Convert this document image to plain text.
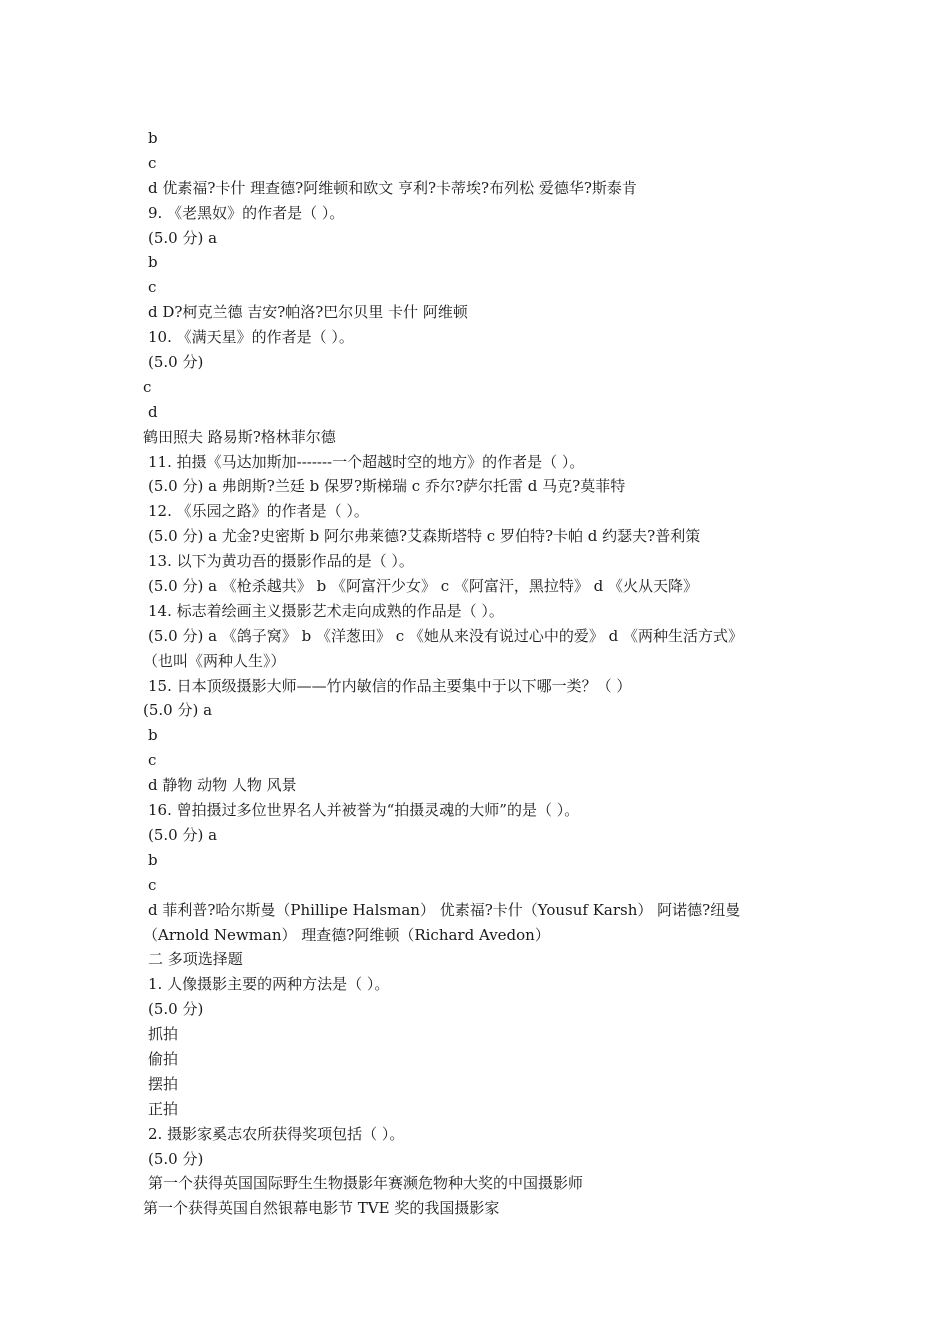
b
c
d 优素福?卡什 理查德?阿维顿和欧文 亨利?卡蒂埃?布列松 爱德华?斯泰肯
9. 《老黑奴》的作者是（ ）。
(5.0 分) a
b
c
d D?柯克兰德 吉安?帕洛?巴尔贝里 卡什 阿维顿
10. 《满天星》的作者是（ ）。
(5.0 分)
c
d
鹤田照夫 路易斯?格林菲尔德
11. 拍摄《马达加斯加-------一个超越时空的地方》的作者是（ ）。
(5.0 分) a 弗朗斯?兰廷 b 保罗?斯梯瑞 c 乔尔?萨尔托雷 d 马克?莫菲特
12. 《乐园之路》的作者是（ ）。
(5.0 分) a 尤金?史密斯 b 阿尔弗莱德?艾森斯塔特 c 罗伯特?卡帕 d 约瑟夫?普利策
13. 以下为黄功吾的摄影作品的是（ ）。
(5.0 分) a 《枪杀越共》 b 《阿富汗少女》 c 《阿富汗，黑拉特》 d 《火从天降》
14. 标志着绘画主义摄影艺术走向成熟的作品是（ ）。
(5.0 分) a 《鸽子窝》 b 《洋葱田》 c 《她从来没有说过心中的爱》 d 《两种生活方式》
（也叫《两种人生》）
15. 日本顶级摄影大师——竹内敏信的作品主要集中于以下哪一类？（ ）
(5.0 分) a
b
c
d 静物 动物 人物 风景
16. 曾拍摄过多位世界名人并被誉为“拍摄灵魂的大师”的是（ ）。
(5.0 分) a
b
c
d 菲利普?哈尔斯曼（Phillipe Halsman） 优素福?卡什（Yousuf Karsh） 阿诺德?纽曼
（Arnold Newman） 理查德?阿维顿（Richard Avedon）
二 多项选择题
1. 人像摄影主要的两种方法是（ ）。
(5.0 分)
抓拍
偷拍
摆拍
正拍
2. 摄影家奚志农所获得奖项包括（ ）。
(5.0 分)
第一个获得英国国际野生生物摄影年赛濒危物种大奖的中国摄影师
第一个获得英国自然银幕电影节 TVE 奖的我国摄影家
